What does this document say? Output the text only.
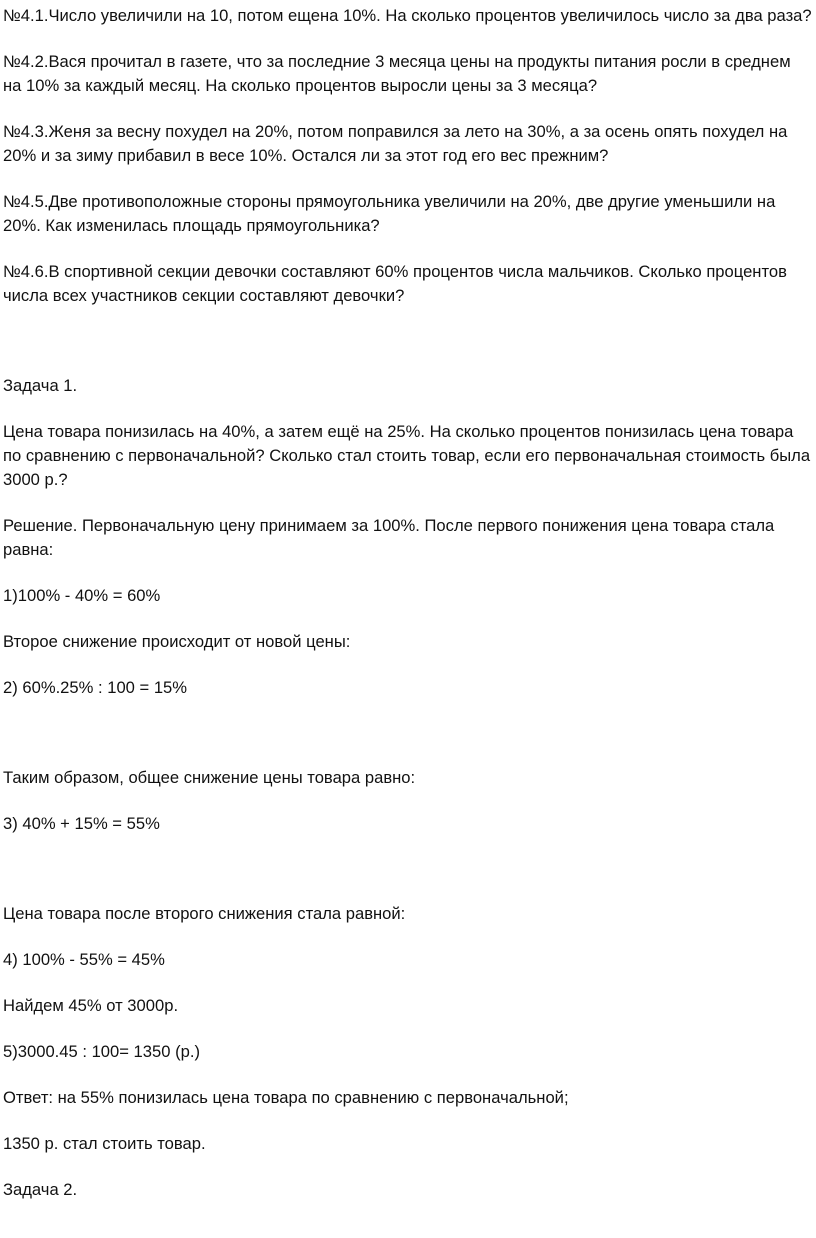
№4.1.Число увеличили на 10, потом ещена 10%. На сколько процентов увеличилось число за два раза?

№4.2.Вася прочитал в газете, что за последние 3 месяца цены на продукты питания росли в среднем на 10% за каждый месяц. На сколько процентов выросли цены за 3 месяца?

№4.3.Женя за весну похудел на 20%, потом поправился за лето на 30%, а за осень опять похудел на 20% и за зиму прибавил в весе 10%. Остался ли за этот год его вес прежним?

№4.5.Две противоположные стороны прямоугольника увеличили на 20%, две другие уменьшили на 20%. Как изменилась площадь прямоугольника?

№4.6.В спортивной секции девочки составляют 60% процентов числа мальчиков. Сколько процентов числа всех участников секции составляют девочки?

Задача 1.

Цена товара понизилась на 40%, а затем ещё на 25%. На сколько процентов понизилась цена товара по сравнению с первоначальной? Сколько стал стоить товар, если его первоначальная стоимость была 3000 р.?

Решение. Первоначальную цену принимаем за 100%. После первого понижения цена товара стала равна:

1)100% - 40% = 60%

Второе снижение происходит от новой цены:

2) 60%.25% : 100 = 15%

Таким образом, общее снижение цены товара равно:

3) 40% + 15% = 55%

Цена товара после второго снижения стала равной:

4) 100% - 55% = 45%

Найдем 45% от 3000р.

5)3000.45 : 100= 1350 (р.)

Ответ: на 55% понизилась цена товара по сравнению с первоначальной;

1350 р. стал стоить товар.

Задача 2.
